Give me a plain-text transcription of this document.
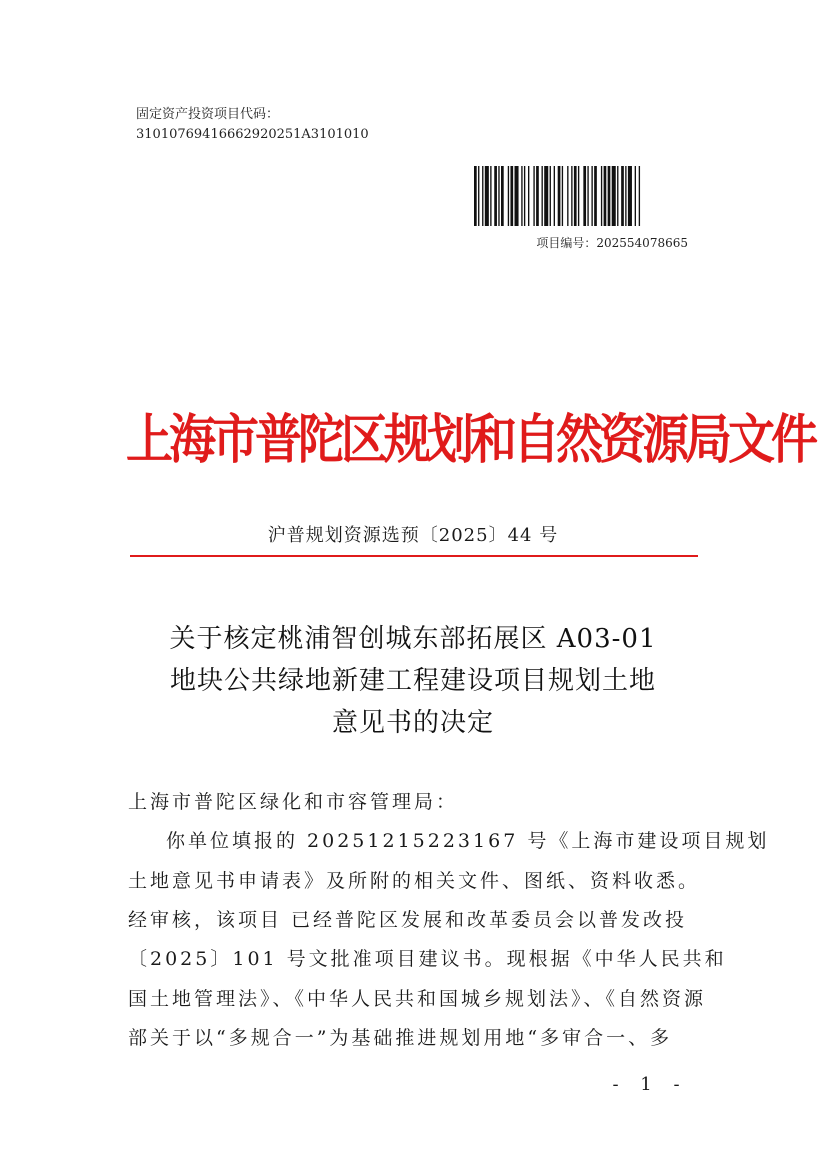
固定资产投资项目代码：
31010769416662920251A3101010
项目编号：202554078665
上海市普陀区规划和自然资源局文件
沪普规划资源选预〔2025〕44 号
关于核定桃浦智创城东部拓展区 A03-01
地块公共绿地新建工程建设项目规划土地
意见书的决定
上海市普陀区绿化和市容管理局：
你单位填报的 20251215223167 号《上海市建设项目规划
土地意见书申请表》及所附的相关文件、图纸、资料收悉。
经审核，该项目 已经普陀区发展和改革委员会以普发改投
〔2025〕101 号文批准项目建议书。现根据《中华人民共和
国土地管理法》、《中华人民共和国城乡规划法》、《自然资源
部关于以“多规合一”为基础推进规划用地“多审合一、多
- 1 -
